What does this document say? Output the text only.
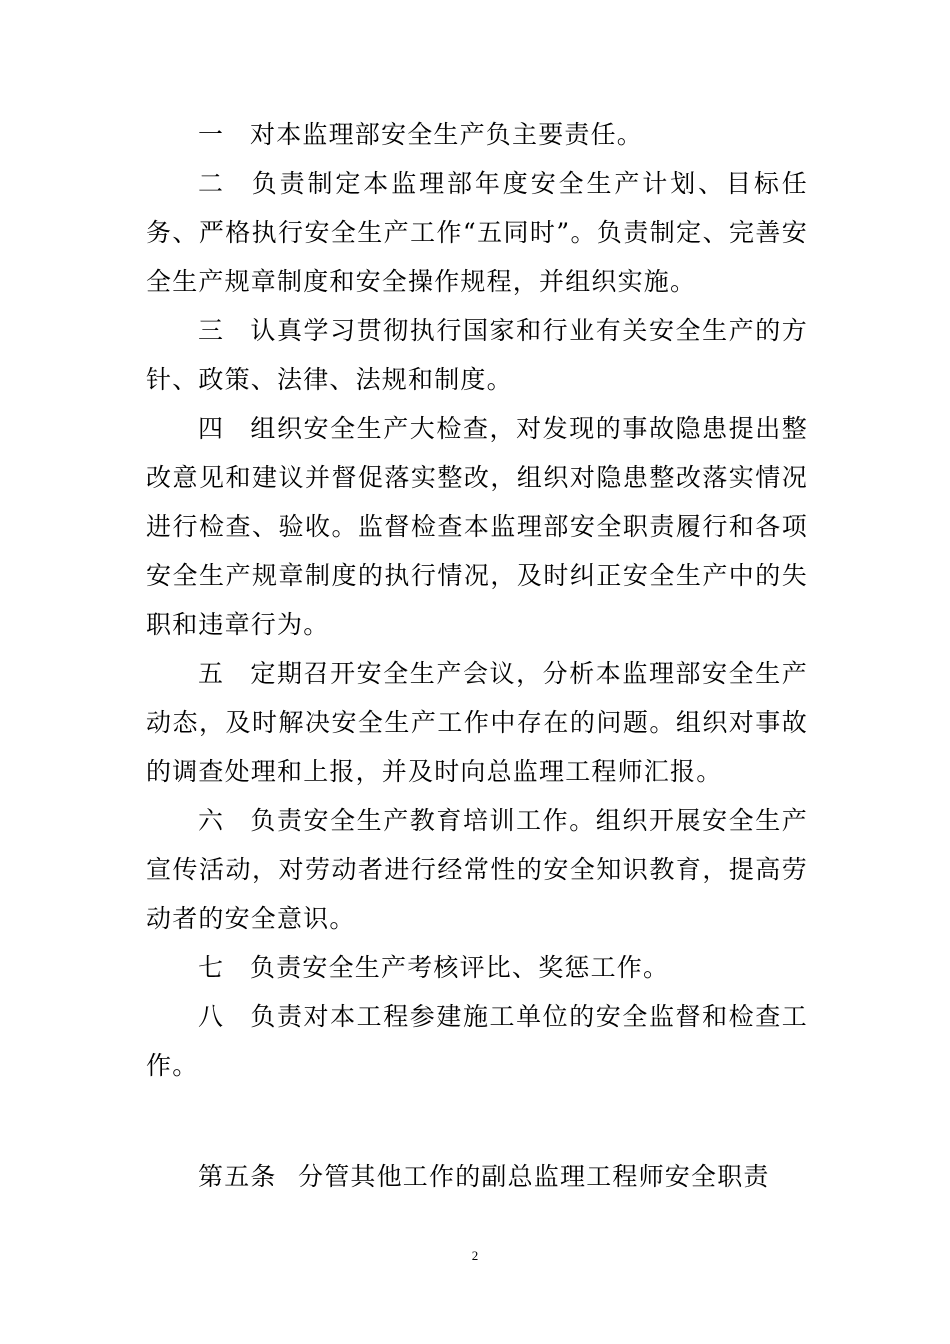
一 对本监理部安全生产负主要责任。

二 负责制定本监理部年度安全生产计划、目标任务、严格执行安全生产工作“五同时”。负责制定、完善安全生产规章制度和安全操作规程，并组织实施。

三 认真学习贯彻执行国家和行业有关安全生产的方针、政策、法律、法规和制度。

四 组织安全生产大检查，对发现的事故隐患提出整改意见和建议并督促落实整改，组织对隐患整改落实情况进行检查、验收。监督检查本监理部安全职责履行和各项安全生产规章制度的执行情况，及时纠正安全生产中的失职和违章行为。

五 定期召开安全生产会议，分析本监理部安全生产动态，及时解决安全生产工作中存在的问题。组织对事故的调查处理和上报，并及时向总监理工程师汇报。

六 负责安全生产教育培训工作。组织开展安全生产宣传活动，对劳动者进行经常性的安全知识教育，提高劳动者的安全意识。

七 负责安全生产考核评比、奖惩工作。

八 负责对本工程参建施工单位的安全监督和检查工作。

第五条 分管其他工作的副总监理工程师安全职责
2
